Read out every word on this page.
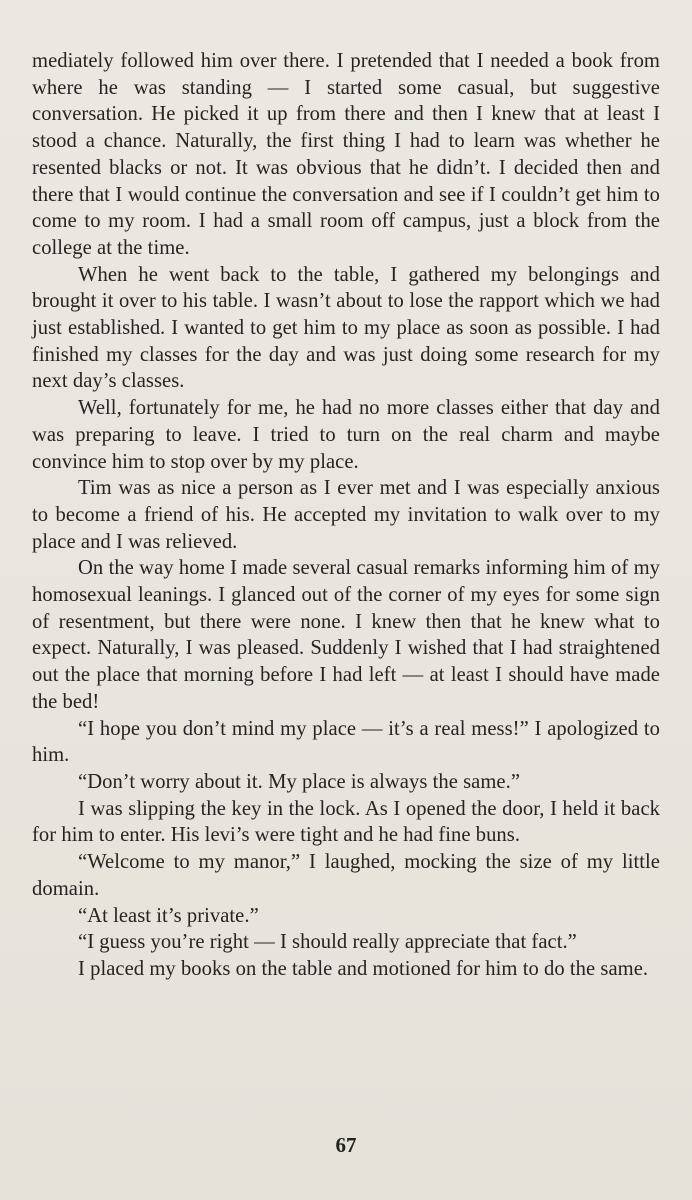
mediately followed him over there. I pretended that I needed a book from where he was standing — I started some casual, but suggestive conversation. He picked it up from there and then I knew that at least I stood a chance. Naturally, the first thing I had to learn was whether he resented blacks or not. It was obvious that he didn’t. I decided then and there that I would continue the conversation and see if I couldn’t get him to come to my room. I had a small room off campus, just a block from the college at the time.

When he went back to the table, I gathered my belongings and brought it over to his table. I wasn’t about to lose the rapport which we had just established. I wanted to get him to my place as soon as possible. I had finished my classes for the day and was just doing some research for my next day’s classes.

Well, fortunately for me, he had no more classes either that day and was preparing to leave. I tried to turn on the real charm and maybe convince him to stop over by my place.

Tim was as nice a person as I ever met and I was especially anxious to become a friend of his. He accepted my invitation to walk over to my place and I was relieved.

On the way home I made several casual remarks informing him of my homosexual leanings. I glanced out of the corner of my eyes for some sign of resentment, but there were none. I knew then that he knew what to expect. Naturally, I was pleased. Suddenly I wished that I had straightened out the place that morning before I had left — at least I should have made the bed!

“I hope you don’t mind my place — it’s a real mess!” I apologized to him.

“Don’t worry about it. My place is always the same.”

I was slipping the key in the lock. As I opened the door, I held it back for him to enter. His levi’s were tight and he had fine buns.

“Welcome to my manor,” I laughed, mocking the size of my little domain.

“At least it’s private.”

“I guess you’re right — I should really appreciate that fact.”

I placed my books on the table and motioned for him to do the same.

67
